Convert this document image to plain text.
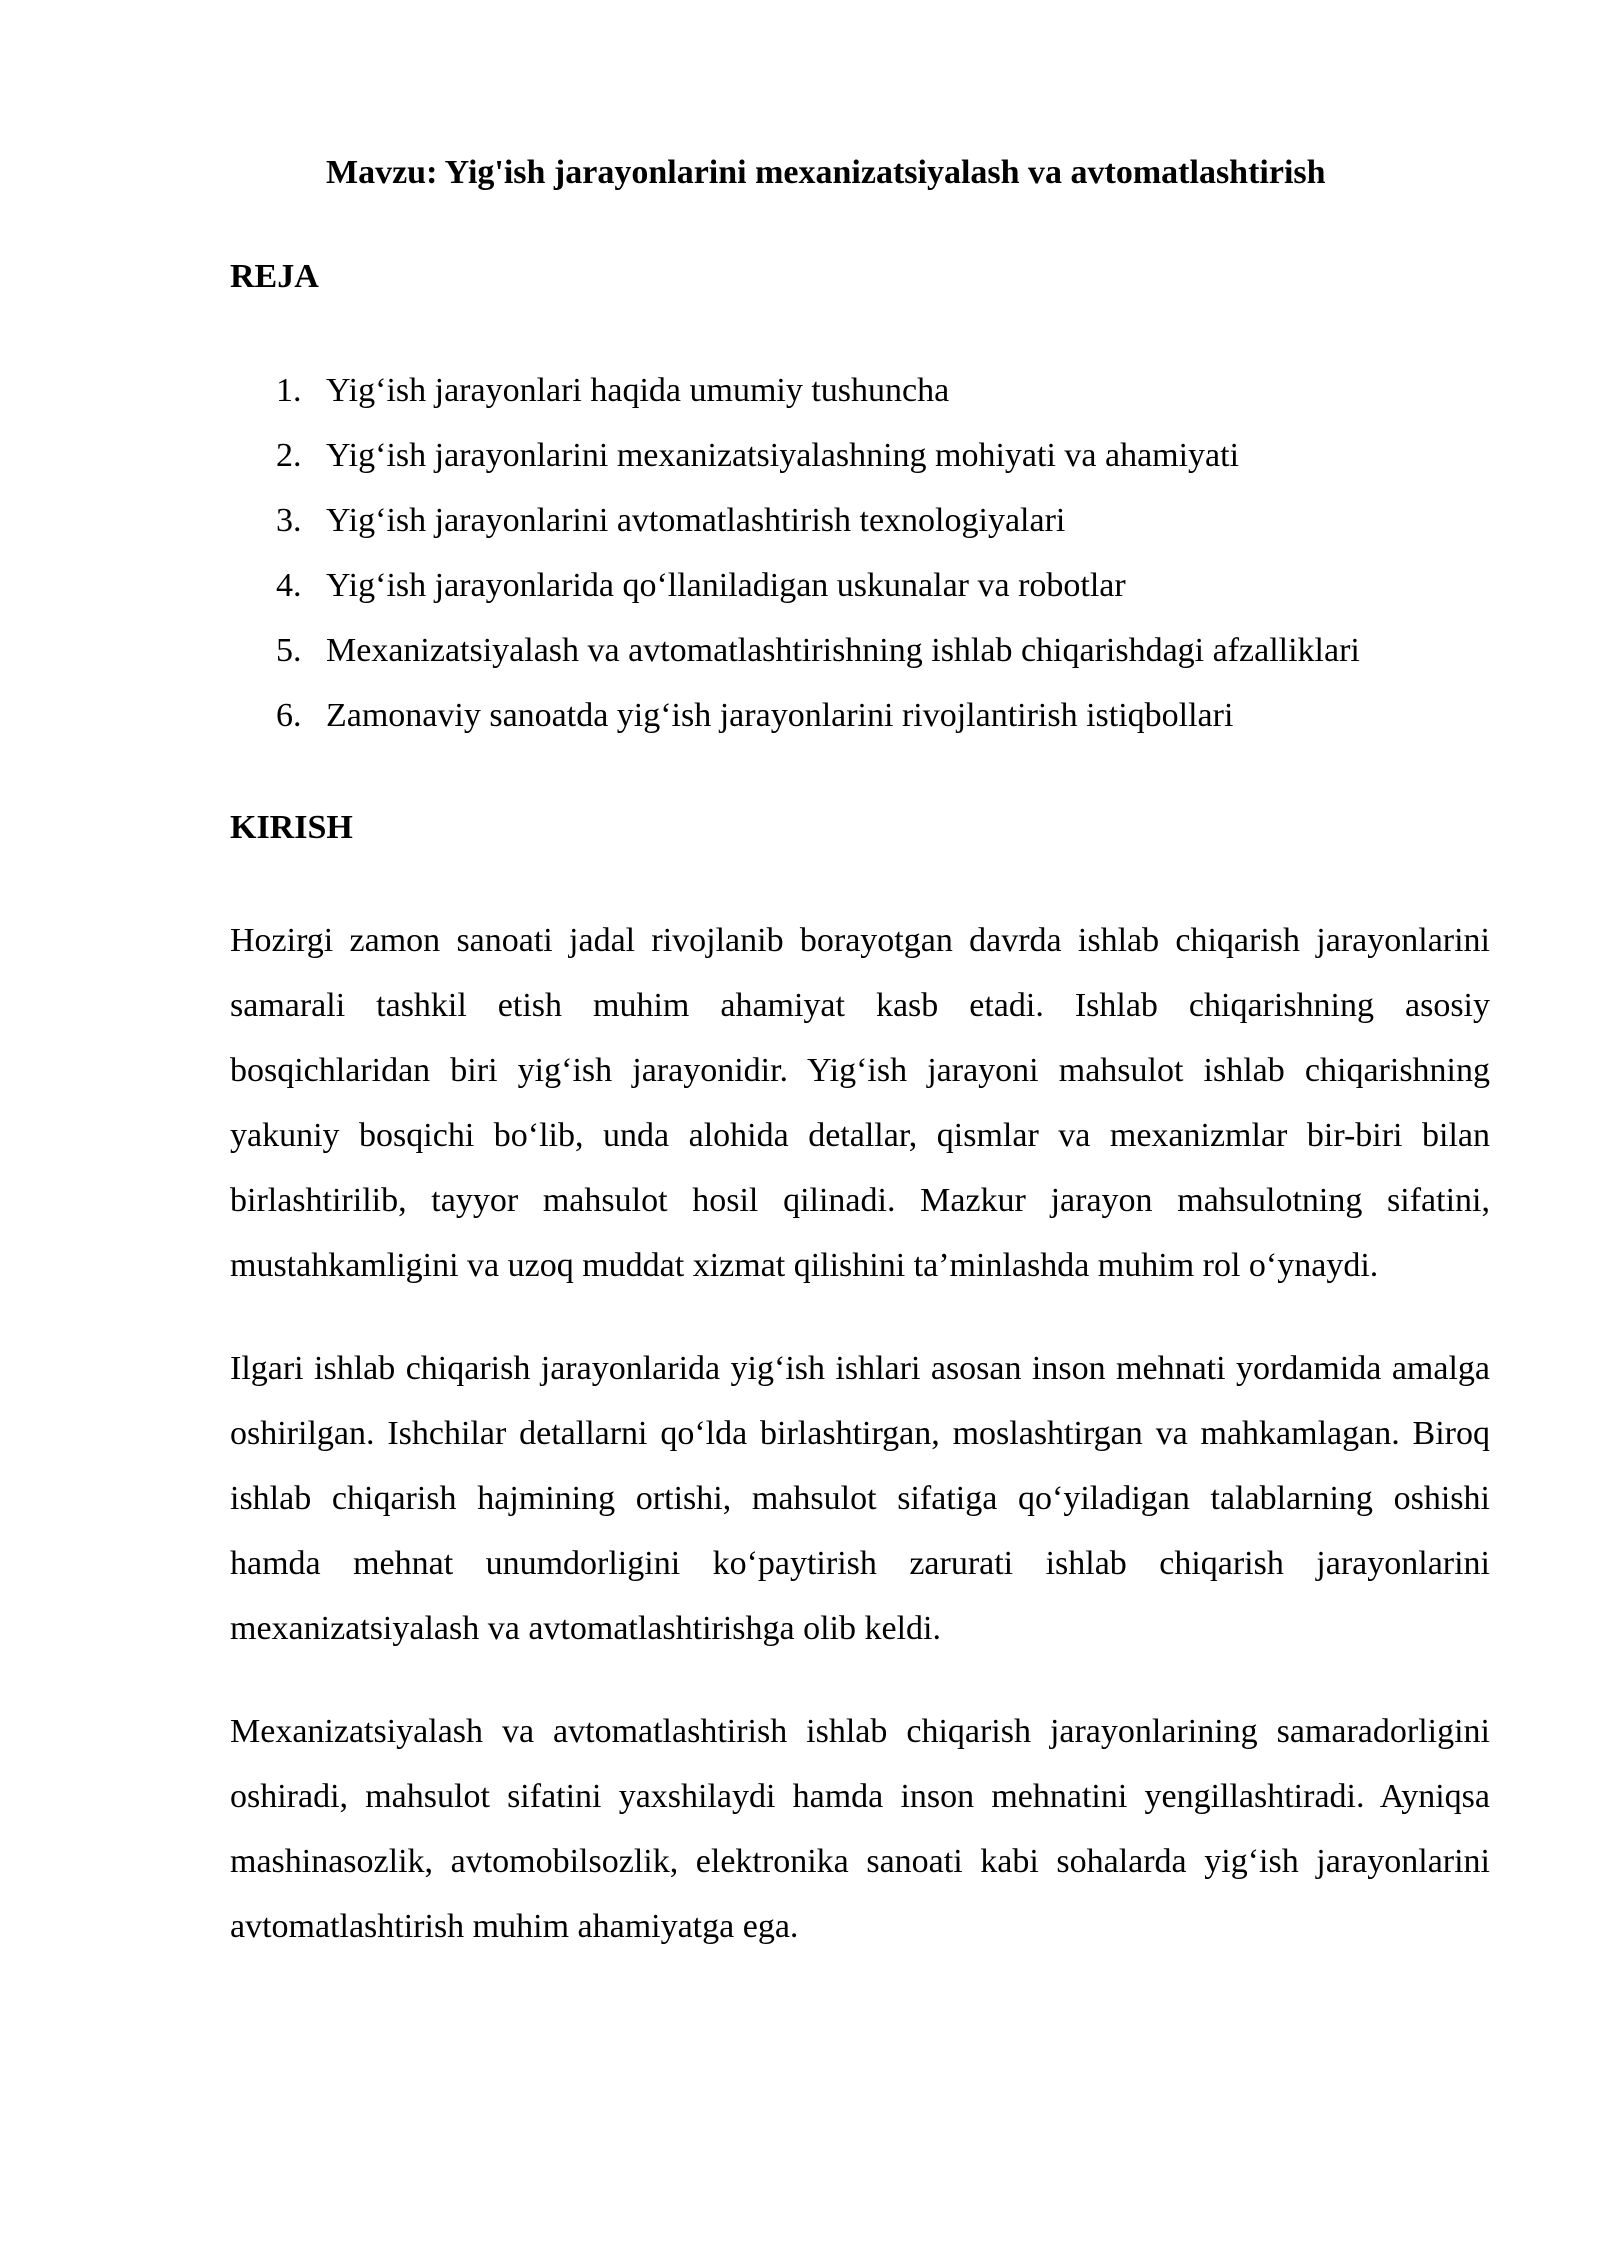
Mavzu: Yig'ish jarayonlarini mexanizatsiyalash va avtomatlashtirish
REJA
1. Yig‘ish jarayonlari haqida umumiy tushuncha
2. Yig‘ish jarayonlarini mexanizatsiyalashning mohiyati va ahamiyati
3. Yig‘ish jarayonlarini avtomatlashtirish texnologiyalari
4. Yig‘ish jarayonlarida qo‘llaniladigan uskunalar va robotlar
5. Mexanizatsiyalash va avtomatlashtirishning ishlab chiqarishdagi afzalliklari
6. Zamonaviy sanoatda yig‘ish jarayonlarini rivojlantirish istiqbollari
KIRISH

Hozirgi zamon sanoati jadal rivojlanib borayotgan davrda ishlab chiqarish jarayonlarini samarali tashkil etish muhim ahamiyat kasb etadi. Ishlab chiqarishning asosiy bosqichlaridan biri yig‘ish jarayonidir. Yig‘ish jarayoni mahsulot ishlab chiqarishning yakuniy bosqichi bo‘lib, unda alohida detallar, qismlar va mexanizmlar bir-biri bilan birlashtirilib, tayyor mahsulot hosil qilinadi. Mazkur jarayon mahsulotning sifatini, mustahkamligini va uzoq muddat xizmat qilishini ta’minlashda muhim rol o‘ynaydi.

Ilgari ishlab chiqarish jarayonlarida yig‘ish ishlari asosan inson mehnati yordamida amalga oshirilgan. Ishchilar detallarni qo‘lda birlashtirgan, moslashtirgan va mahkamlagan. Biroq ishlab chiqarish hajmining ortishi, mahsulot sifatiga qo‘yiladigan talablarning oshishi hamda mehnat unumdorligini ko‘paytirish zarurati ishlab chiqarish jarayonlarini mexanizatsiyalash va avtomatlashtirishga olib keldi.

Mexanizatsiyalash va avtomatlashtirish ishlab chiqarish jarayonlarining samaradorligini oshiradi, mahsulot sifatini yaxshilaydi hamda inson mehnatini yengillashtiradi. Ayniqsa mashinasozlik, avtomobilsozlik, elektronika sanoati kabi sohalarda yig‘ish jarayonlarini avtomatlashtirish muhim ahamiyatga ega.
